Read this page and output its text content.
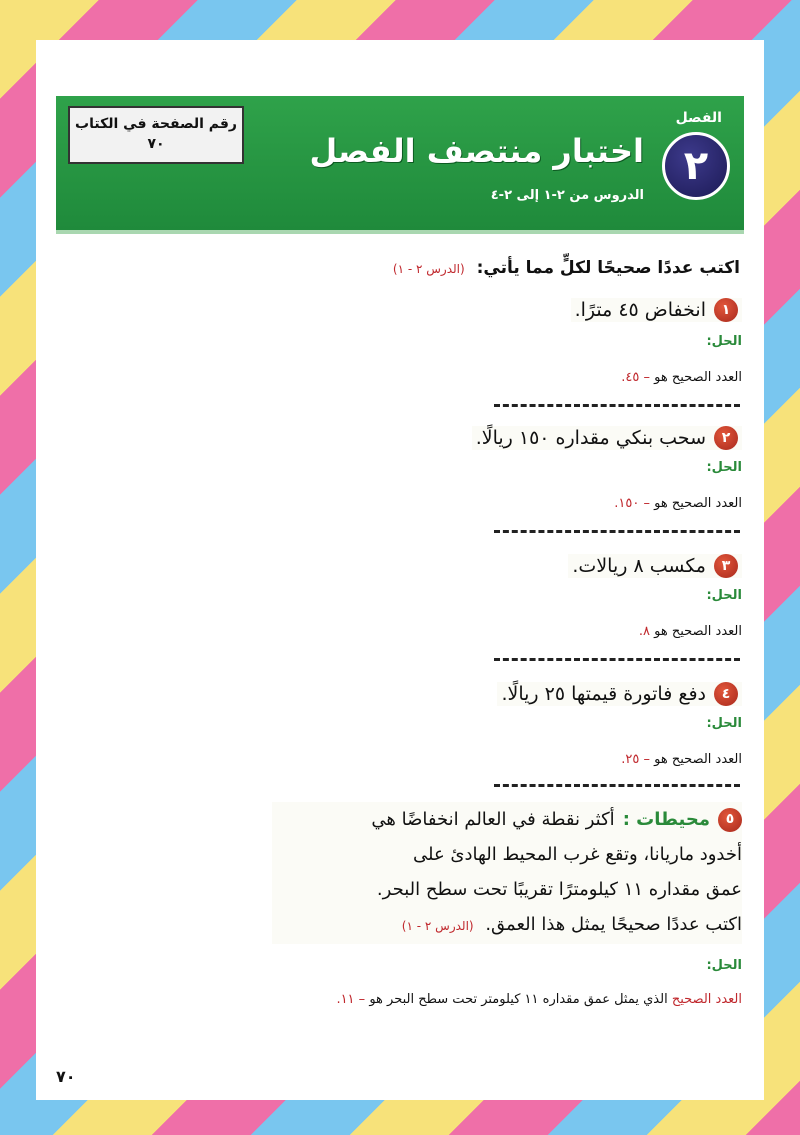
رقم الصفحة في الكتاب
٧٠
الفصل
٢
اختبار منتصف الفصل
الدروس من ٢-١ إلى ٢-٤
اكتب عددًا صحيحًا لكلٍّ مما يأتي: (الدرس ٢ - ١)
١
انخفاض ٤٥ مترًا.
الحل:
العدد الصحيح هو – ٤٥.
٢
سحب بنكي مقداره ١٥٠ ريالًا.
الحل:
العدد الصحيح هو – ١٥٠.
٣
مكسب ٨ ريالات.
الحل:
العدد الصحيح هو ٨.
٤
دفع فاتورة قيمتها ٢٥ ريالًا.
الحل:
العدد الصحيح هو – ٢٥.
٥
محيطات :
أكثر نقطة في العالم انخفاضًا هي
أخدود ماريانا، وتقع غرب المحيط الهادئ على
عمق مقداره ١١ كيلومترًا تقريبًا تحت سطح البحر.
اكتب عددًا صحيحًا يمثل هذا العمق. (الدرس ٢ - ١)
الحل:
العدد الصحيح الذي يمثل عمق مقداره ١١ كيلومتر تحت سطح البحر هو – ١١.
٧٠
